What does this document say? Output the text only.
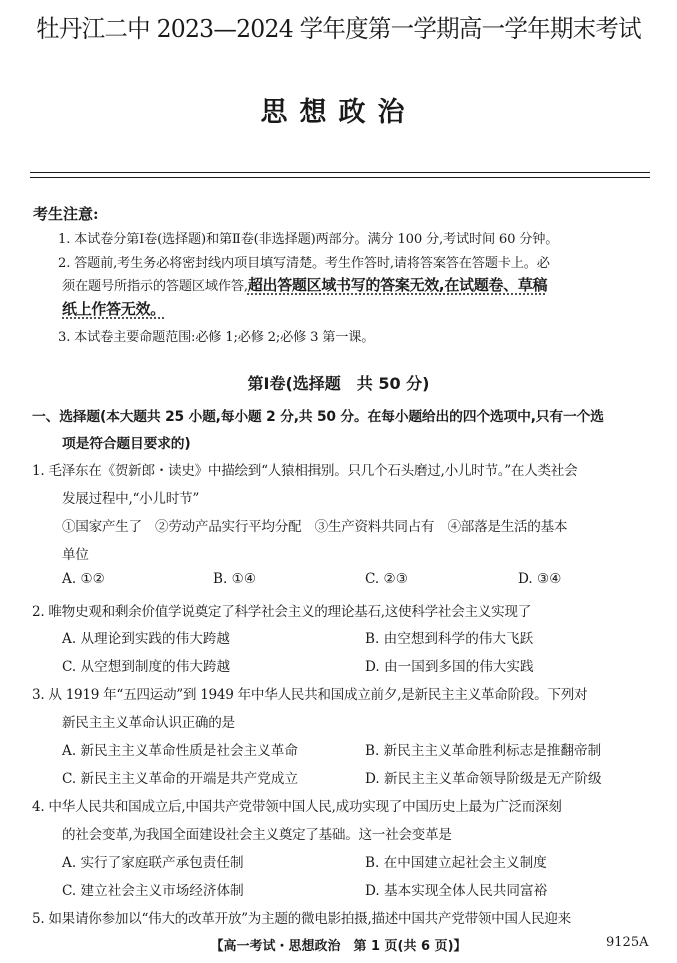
牡丹江二中 2023—2024 学年度第一学期高一学年期末考试
思想政治
考生注意:
1. 本试卷分第Ⅰ卷(选择题)和第Ⅱ卷(非选择题)两部分。满分 100 分,考试时间 60 分钟。
2. 答题前,考生务必将密封线内项目填写清楚。考生作答时,请将答案答在答题卡上。必
须在题号所指示的答题区域作答,超出答题区域书写的答案无效,在试题卷、草稿
纸上作答无效。
3. 本试卷主要命题范围:必修 1;必修 2;必修 3 第一课。
第Ⅰ卷(选择题　共 50 分)
一、选择题(本大题共 25 小题,每小题 2 分,共 50 分。在每小题给出的四个选项中,只有一个选
项是符合题目要求的)
1. 毛泽东在《贺新郎・读史》中描绘到“人猿相揖别。只几个石头磨过,小儿时节。”在人类社会
发展过程中,“小儿时节”
①国家产生了　②劳动产品实行平均分配　③生产资料共同占有　④部落是生活的基本
单位
A. ①②	B. ①④	C. ②③	D. ③④
2. 唯物史观和剩余价值学说奠定了科学社会主义的理论基石,这使科学社会主义实现了
A. 从理论到实践的伟大跨越	B. 由空想到科学的伟大飞跃
C. 从空想到制度的伟大跨越	D. 由一国到多国的伟大实践
3. 从 1919 年“五四运动”到 1949 年中华人民共和国成立前夕,是新民主主义革命阶段。下列对
新民主主义革命认识正确的是
A. 新民主主义革命性质是社会主义革命	B. 新民主主义革命胜利标志是推翻帝制
C. 新民主主义革命的开端是共产党成立	D. 新民主主义革命领导阶级是无产阶级
4. 中华人民共和国成立后,中国共产党带领中国人民,成功实现了中国历史上最为广泛而深刻
的社会变革,为我国全面建设社会主义奠定了基础。这一社会变革是
A. 实行了家庭联产承包责任制	B. 在中国建立起社会主义制度
C. 建立社会主义市场经济体制	D. 基本实现全体人民共同富裕
5. 如果请你参加以“伟大的改革开放”为主题的微电影拍摄,描述中国共产党带领中国人民迎来
【高一考试・思想政治　第 1 页(共 6 页)】	9125A
